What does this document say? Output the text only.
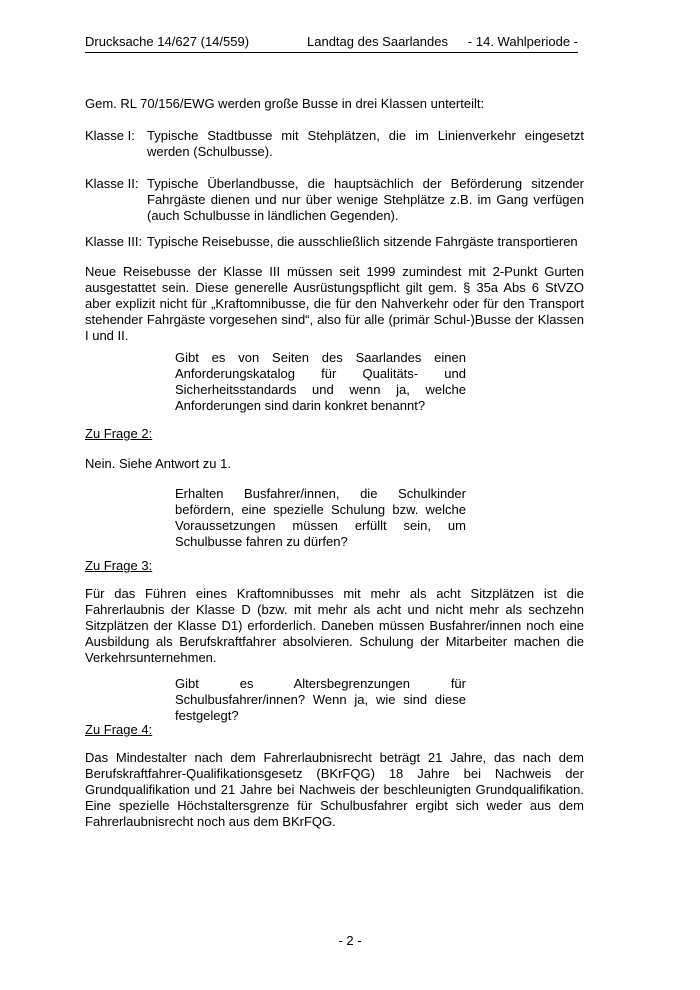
Drucksache 14/627 (14/559)	Landtag des Saarlandes - 14. Wahlperiode -

Gem. RL 70/156/EWG werden große Busse in drei Klassen unterteilt:

Klasse I: Typische Stadtbusse mit Stehplätzen, die im Linienverkehr eingesetzt werden (Schulbusse).
Klasse II: Typische Überlandbusse, die hauptsächlich der Beförderung sitzender Fahrgäste dienen und nur über wenige Stehplätze z.B. im Gang verfügen (auch Schulbusse in ländlichen Gegenden).
Klasse III: Typische Reisebusse, die ausschließlich sitzende Fahrgäste transportieren

Neue Reisebusse der Klasse III müssen seit 1999 zumindest mit 2-Punkt Gurten ausgestattet sein. Diese generelle Ausrüstungspflicht gilt gem. § 35a Abs 6 StVZO aber explizit nicht für „Kraftomnibusse, die für den Nahverkehr oder für den Transport stehender Fahrgäste vorgesehen sind“, also für alle (primär Schul-)Busse der Klassen I und II.

Gibt es von Seiten des Saarlandes einen Anforderungskatalog für Qualitäts- und Sicherheitsstandards und wenn ja, welche Anforderungen sind darin konkret benannt?

Zu Frage 2:

Nein. Siehe Antwort zu 1.

Erhalten Busfahrer/innen, die Schulkinder befördern, eine spezielle Schulung bzw. welche Voraussetzungen müssen erfüllt sein, um Schulbusse fahren zu dürfen?

Zu Frage 3:

Für das Führen eines Kraftomnibusses mit mehr als acht Sitzplätzen ist die Fahrerlaubnis der Klasse D (bzw. mit mehr als acht und nicht mehr als sechzehn Sitzplätzen der Klasse D1) erforderlich. Daneben müssen Busfahrer/innen noch eine Ausbildung als Berufskraftfahrer absolvieren. Schulung der Mitarbeiter machen die Verkehrsunternehmen.

Gibt es Altersbegrenzungen für Schulbusfahrer/innen? Wenn ja, wie sind diese festgelegt?

Zu Frage 4:

Das Mindestalter nach dem Fahrerlaubnisrecht beträgt 21 Jahre, das nach dem Berufskraftfahrer-Qualifikationsgesetz (BKrFQG) 18 Jahre bei Nachweis der Grundqualifikation und 21 Jahre bei Nachweis der beschleunigten Grundqualifikation. Eine spezielle Höchstaltersgrenze für Schulbusfahrer ergibt sich weder aus dem Fahrerlaubnisrecht noch aus dem BKrFQG.

- 2 -
